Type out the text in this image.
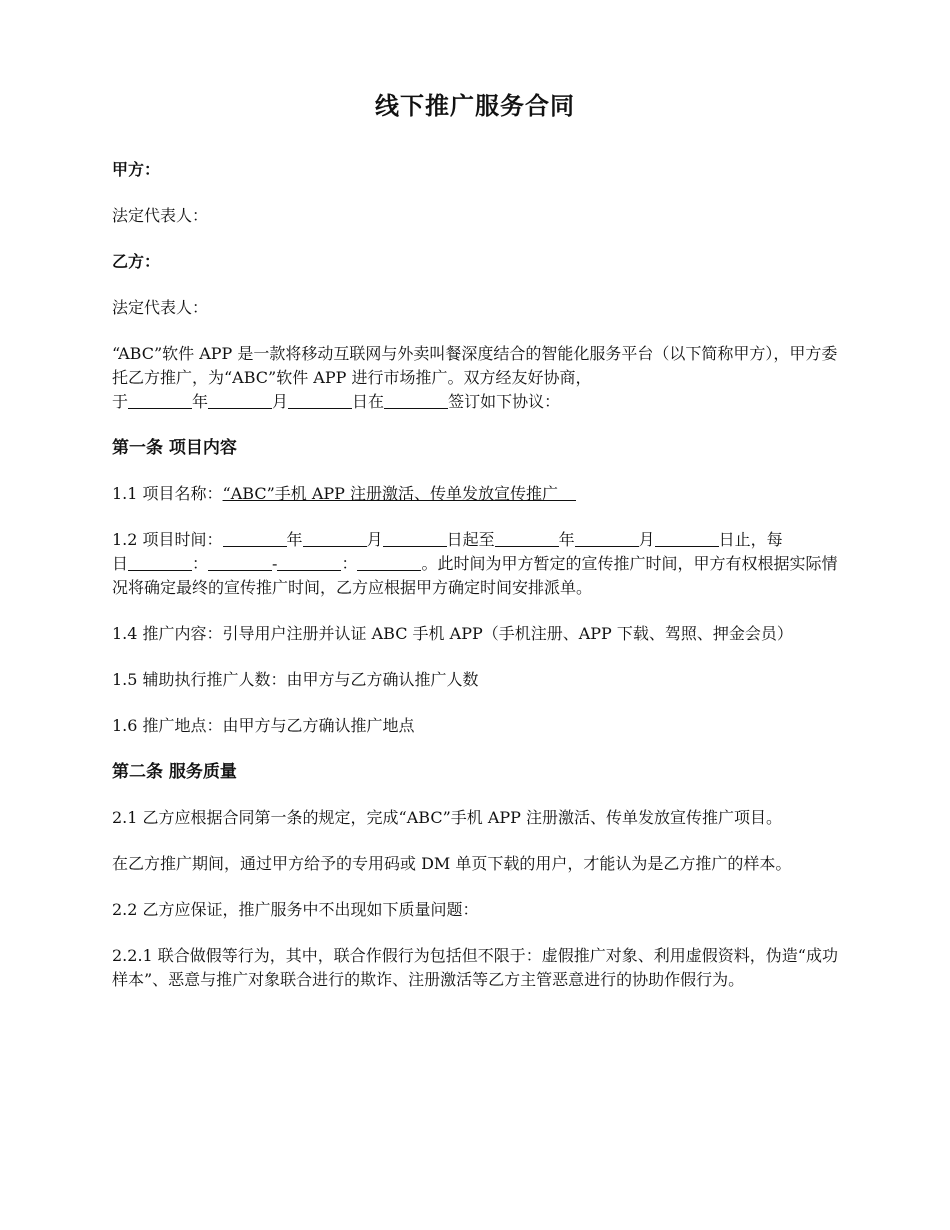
线下推广服务合同
甲方：

法定代表人：

乙方：

法定代表人：

“ABC”软件 APP 是一款将移动互联网与外卖叫餐深度结合的智能化服务平台（以下简称甲方），甲方委托乙方推广，为“ABC”软件 APP 进行市场推广。双方经友好协商，
于	年	月	日在	签订如下协议：

第一条 项目内容

1.1 项目名称：“ABC”手机 APP 注册激活、传单发放宣传推广

1.2 项目时间：	年	月	日起至	年	月	日止，每
日	：	-	：	。此时间为甲方暂定的宣传推广时间，甲方有权根据实际情况将确定最终的宣传推广时间，乙方应根据甲方确定时间安排派单。

1.4 推广内容：引导用户注册并认证 ABC 手机 APP（手机注册、APP 下载、驾照、押金会员）

1.5 辅助执行推广人数：由甲方与乙方确认推广人数

1.6 推广地点：由甲方与乙方确认推广地点

第二条 服务质量

2.1 乙方应根据合同第一条的规定，完成“ABC”手机 APP 注册激活、传单发放宣传推广项目。

在乙方推广期间，通过甲方给予的专用码或 DM 单页下载的用户，才能认为是乙方推广的样本。

2.2 乙方应保证，推广服务中不出现如下质量问题：

2.2.1 联合做假等行为，其中，联合作假行为包括但不限于：虚假推广对象、利用虚假资料，伪造“成功样本”、恶意与推广对象联合进行的欺诈、注册激活等乙方主管恶意进行的协助作假行为。
